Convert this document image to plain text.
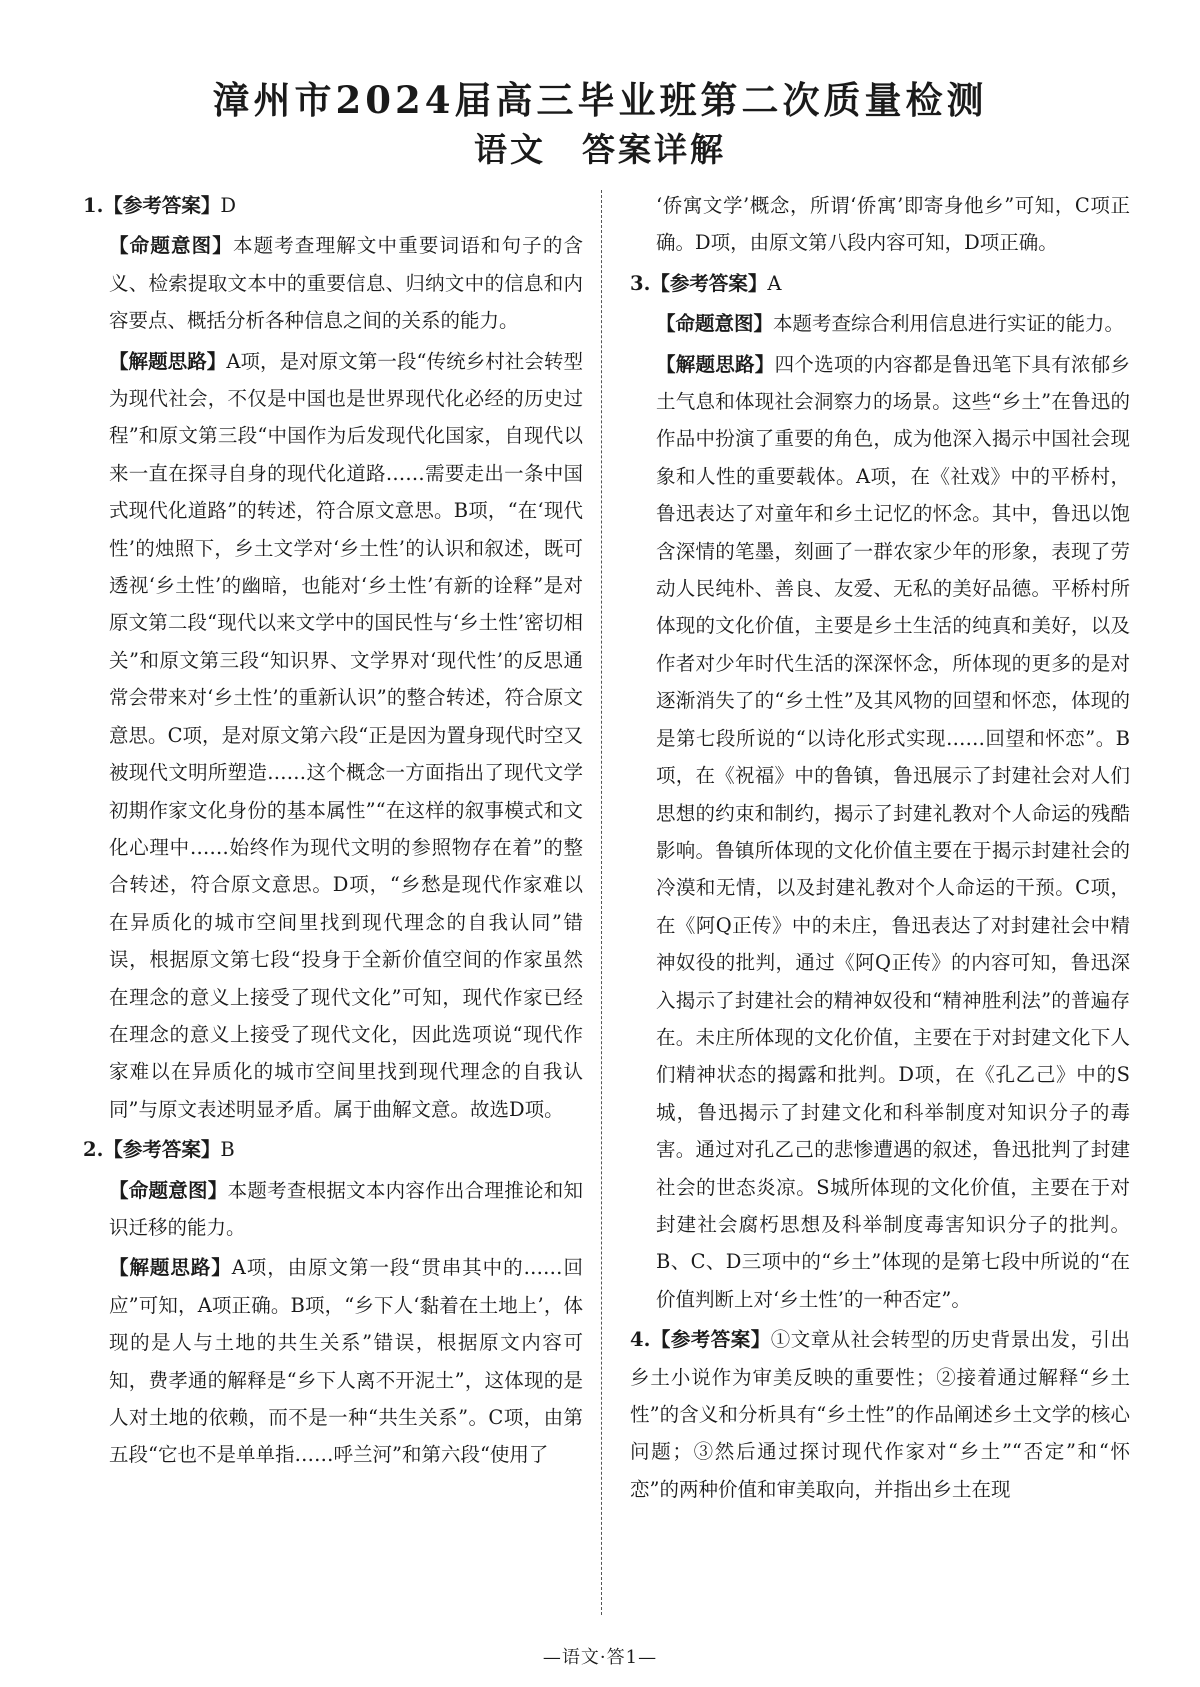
漳州市2024届高三毕业班第二次质量检测
语文　答案详解

1.【参考答案】D

【命题意图】本题考查理解文中重要词语和句子的含义、检索提取文本中的重要信息、归纳文中的信息和内容要点、概括分析各种信息之间的关系的能力。

【解题思路】A项，是对原文第一段“传统乡村社会转型为现代社会，不仅是中国也是世界现代化必经的历史过程”和原文第三段“中国作为后发现代化国家，自现代以来一直在探寻自身的现代化道路……需要走出一条中国式现代化道路”的转述，符合原文意思。B项，“在‘现代性’的烛照下，乡土文学对‘乡土性’的认识和叙述，既可透视‘乡土性’的幽暗，也能对‘乡土性’有新的诠释”是对原文第二段“现代以来文学中的国民性与‘乡土性’密切相关”和原文第三段“知识界、文学界对‘现代性’的反思通常会带来对‘乡土性’的重新认识”的整合转述，符合原文意思。C项，是对原文第六段“正是因为置身现代时空又被现代文明所塑造……这个概念一方面指出了现代文学初期作家文化身份的基本属性”“在这样的叙事模式和文化心理中……始终作为现代文明的参照物存在着”的整合转述，符合原文意思。D项，“乡愁是现代作家难以在异质化的城市空间里找到现代理念的自我认同”错误，根据原文第七段“投身于全新价值空间的作家虽然在理念的意义上接受了现代文化”可知，现代作家已经在理念的意义上接受了现代文化，因此选项说“现代作家难以在异质化的城市空间里找到现代理念的自我认同”与原文表述明显矛盾。属于曲解文意。故选D项。

2.【参考答案】B

【命题意图】本题考查根据文本内容作出合理推论和知识迁移的能力。

【解题思路】A项，由原文第一段“贯串其中的……回应”可知，A项正确。B项，“乡下人‘黏着在土地上’，体现的是人与土地的共生关系”错误，根据原文内容可知，费孝通的解释是“乡下人离不开泥土”，这体现的是人对土地的依赖，而不是一种“共生关系”。C项，由第五段“它也不是单单指……呼兰河”和第六段“使用了

‘侨寓文学’概念，所谓‘侨寓’即寄身他乡”可知，C项正确。D项，由原文第八段内容可知，D项正确。

3.【参考答案】A

【命题意图】本题考查综合利用信息进行实证的能力。

【解题思路】四个选项的内容都是鲁迅笔下具有浓郁乡土气息和体现社会洞察力的场景。这些“乡土”在鲁迅的作品中扮演了重要的角色，成为他深入揭示中国社会现象和人性的重要载体。A项，在《社戏》中的平桥村，鲁迅表达了对童年和乡土记忆的怀念。其中，鲁迅以饱含深情的笔墨，刻画了一群农家少年的形象，表现了劳动人民纯朴、善良、友爱、无私的美好品德。平桥村所体现的文化价值，主要是乡土生活的纯真和美好，以及作者对少年时代生活的深深怀念，所体现的更多的是对逐渐消失了的“乡土性”及其风物的回望和怀恋，体现的是第七段所说的“以诗化形式实现……回望和怀恋”。B项，在《祝福》中的鲁镇，鲁迅展示了封建社会对人们思想的约束和制约，揭示了封建礼教对个人命运的残酷影响。鲁镇所体现的文化价值主要在于揭示封建社会的冷漠和无情，以及封建礼教对个人命运的干预。C项，在《阿Q正传》中的未庄，鲁迅表达了对封建社会中精神奴役的批判，通过《阿Q正传》的内容可知，鲁迅深入揭示了封建社会的精神奴役和“精神胜利法”的普遍存在。未庄所体现的文化价值，主要在于对封建文化下人们精神状态的揭露和批判。D项，在《孔乙己》中的S城，鲁迅揭示了封建文化和科举制度对知识分子的毒害。通过对孔乙己的悲惨遭遇的叙述，鲁迅批判了封建社会的世态炎凉。S城所体现的文化价值，主要在于对封建社会腐朽思想及科举制度毒害知识分子的批判。B、C、D三项中的“乡土”体现的是第七段中所说的“在价值判断上对‘乡土性’的一种否定”。

4.【参考答案】①文章从社会转型的历史背景出发，引出乡土小说作为审美反映的重要性；②接着通过解释“乡土性”的含义和分析具有“乡土性”的作品阐述乡土文学的核心问题；③然后通过探讨现代作家对“乡土”“否定”和“怀恋”的两种价值和审美取向，并指出乡土在现

—语文·答1—
